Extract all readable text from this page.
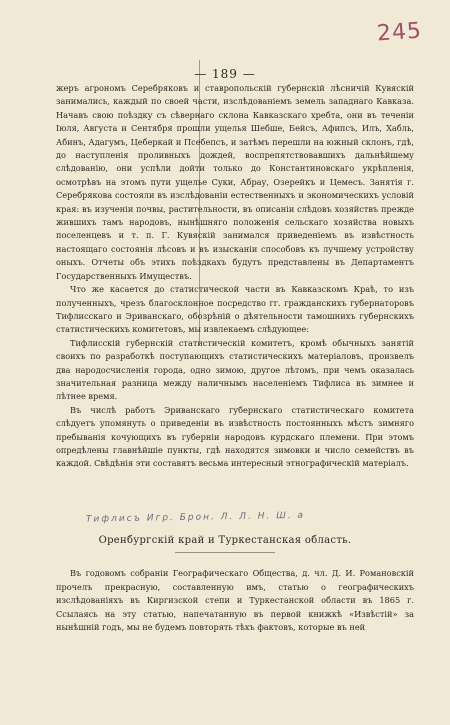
245
— 189 —

жеръ агрономъ Серебряковъ и ставропольскій губернскій лѣсничій Кувяскій занимались, каждый по своей части, изслѣдованіемъ земель западнаго Кавказа. Начавъ свою поѣздку съ сѣвернаго склона Кавказскаго хребта, они въ теченіи Іюля, Августа и Сентября прошли ущелья Шебше, Бейсъ, Афипсъ, Илъ, Хабль, Абинъ, Адагумъ, Цеберкай и Псебепсъ, и затѣмъ перешли на южный склонъ, гдѣ, до наступленія проливныхъ дождей, воспрепятствовавшихъ дальнѣйшему слѣдованію, они успѣли дойти только до Константиновскаго укрѣпленія, осмотрѣвъ на этомъ пути ущелье Суки, Абрау, Озерейкъ и Цемесъ. Занятія г. Серебрякова состояли въ изслѣдованіи естественныхъ и экономическихъ условій края: въ изученіи почвы, растительности, въ описаніи слѣдовъ хозяйствъ прежде жившихъ тамъ народовъ, нынѣшняго положенія сельскаго хозяйства новыхъ поселенцевъ и т. п. Г. Кувяскій занимался приведеніемъ въ извѣстность настоящаго состоянія лѣсовъ и въ изысканіи способовъ къ лучшему устройству оныхъ. Отчеты объ этихъ поѣздкахъ будутъ представлены въ Департаментъ Государственныхъ Имуществъ.

Что же касается до статистической части въ Кавказскомъ Краѣ, то изъ полученныхъ, чрезъ благосклонное посредство гг. гражданскихъ губернаторовъ Тифлисскаго и Эриванскаго, обозрѣній о дѣятельности тамошнихъ губернскихъ статистическихъ комитетовъ, мы извлекаемъ слѣдующее:

Тифлисскій губернскій статистическій комитетъ, кромѣ обычныхъ занятій своихъ по разработкѣ поступающихъ статистическихъ матеріаловъ, произвелъ два народосчисленія города, одно зимою, другое лѣтомъ, при чемъ оказалась значительная разница между наличнымъ населеніемъ Тифлиса въ зимнее и лѣтнее время.

Въ числѣ работъ Эриванскаго губернскаго статистическаго комитета слѣдуетъ упомянуть о приведеніи въ извѣстность постоянныхъ мѣстъ зимняго пребыванія кочующихъ въ губерніи народовъ курдскаго племени. При этомъ опредѣлены главнѣйшіе пункты, гдѣ находятся зимовки и число семействъ въ каждой. Свѣдѣнія эти составятъ весьма интересный этнографическій матеріалъ.

Тифлисъ Игр. Брон. Л. Л. Н. Ш. а
Оренбургскій край и Туркестанская область.

Въ годовомъ собраніи Географическаго Общества, д. чл. Д. И. Романовскій прочелъ прекрасную, составленную имъ, статью о географическихъ изслѣдованіяхъ въ Киргизской степи и Туркестанской области въ 1865 г. Ссылаясь на эту статью, напечатанную въ первой книжкѣ «Извѣстій» за нынѣшній годъ, мы не будемъ повторять тѣхъ фактовъ, которые въ ней
